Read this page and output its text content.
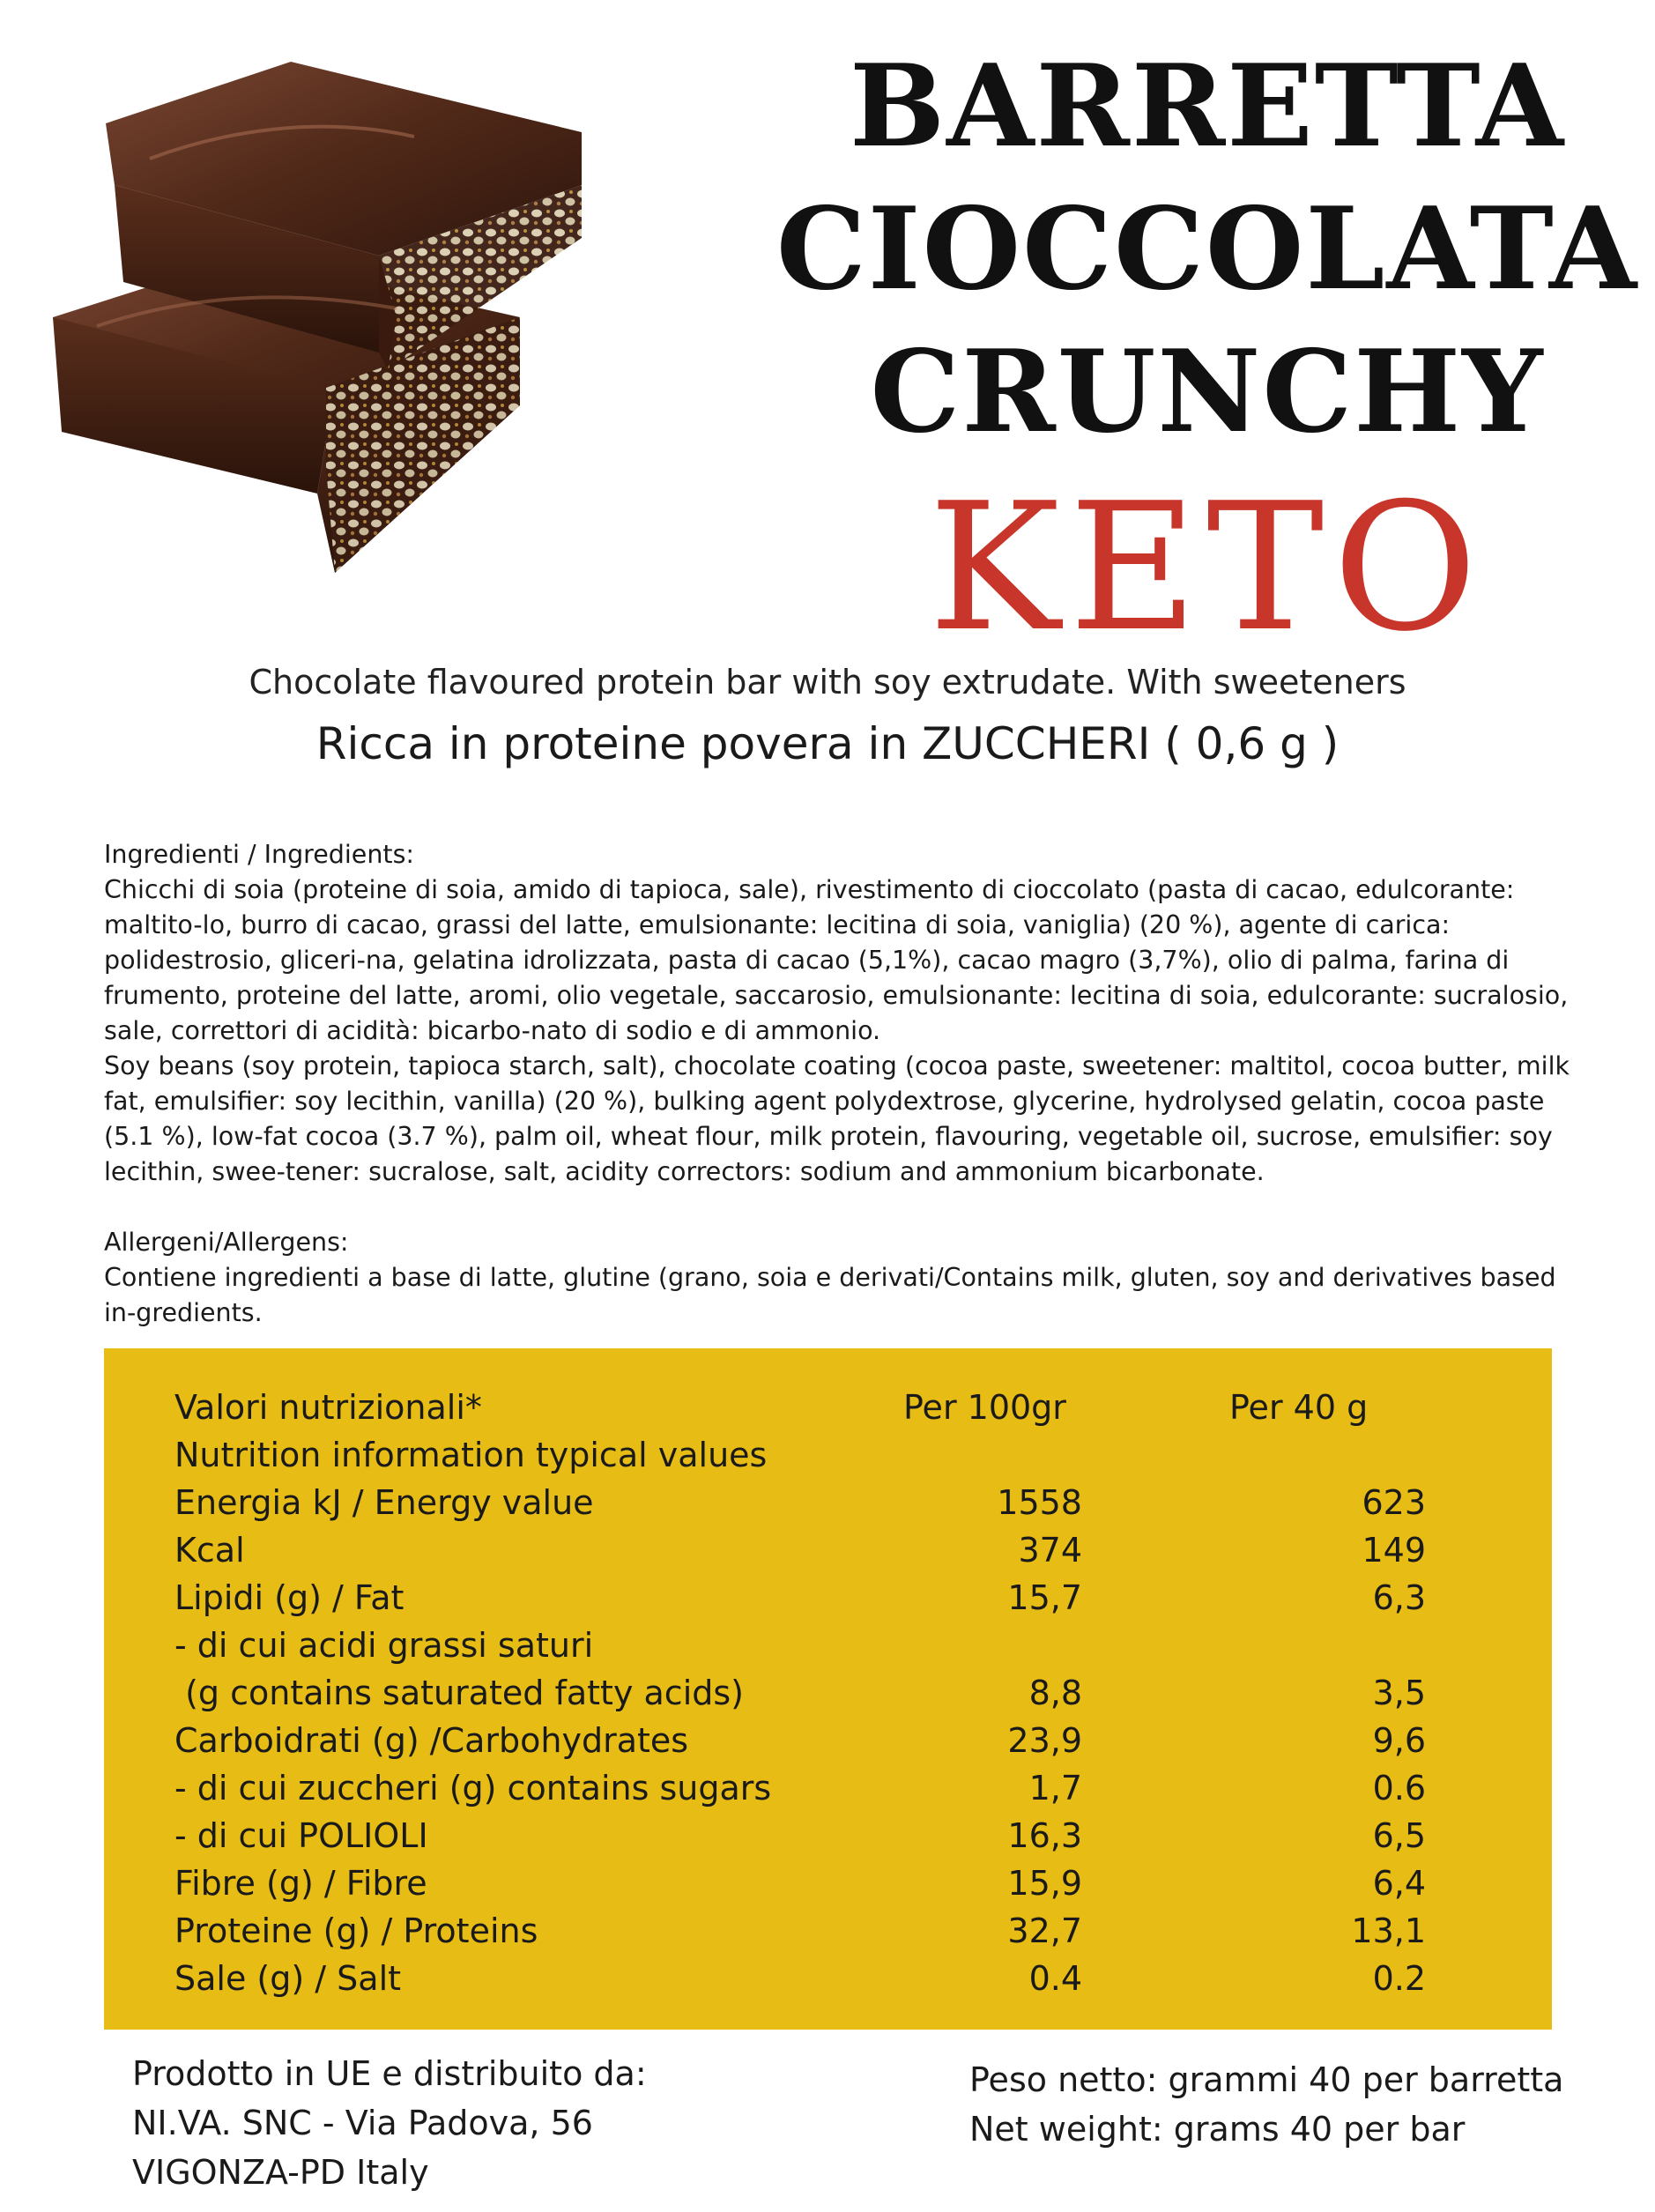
BARRETTA
CIOCCOLATA
CRUNCHY
KETO
Chocolate flavoured protein bar with soy extrudate. With sweeteners
Ricca in proteine povera in ZUCCHERI ( 0,6 g )

Ingredienti / Ingredients:

Chicchi di soia (proteine di soia, amido di tapioca, sale), rivestimento di cioccolato (pasta di cacao, edulcorante: maltito-lo, burro di cacao, grassi del latte, emulsionante: lecitina di soia, vaniglia) (20 %), agente di carica: polidestrosio, gliceri-na, gelatina idrolizzata, pasta di cacao (5,1%), cacao magro (3,7%), olio di palma, farina di frumento, proteine del latte, aromi, olio vegetale, saccarosio, emulsionante: lecitina di soia, edulcorante: sucralosio, sale, correttori di acidità: bicarbo-nato di sodio e di ammonio.

Soy beans (soy protein, tapioca starch, salt), chocolate coating (cocoa paste, sweetener: maltitol, cocoa butter, milk fat, emulsifier: soy lecithin, vanilla) (20 %), bulking agent polydextrose, glycerine, hydrolysed gelatin, cocoa paste (5.1 %), low-fat cocoa (3.7 %), palm oil, wheat flour, milk protein, flavouring, vegetable oil, sucrose, emulsifier: soy lecithin, swee-tener: sucralose, salt, acidity correctors: sodium and ammonium bicarbonate.

Allergeni/Allergens:

Contiene ingredienti a base di latte, glutine (grano, soia e derivati/Contains milk, gluten, soy and derivatives based in-gredients.

Valori nutrizionali*	Per 100gr	Per 40 g
Nutrition information typical values
Energia kJ / Energy value	1558	623
Kcal	374	149
Lipidi (g) / Fat	15,7	6,3
- di cui acidi grassi saturi
(g contains saturated fatty acids)	8,8	3,5
Carboidrati (g) /Carbohydrates	23,9	9,6
- di cui zuccheri (g) contains sugars	1,7	0.6
- di cui POLIOLI	16,3	6,5
Fibre (g) / Fibre	15,9	6,4
Proteine (g) / Proteins	32,7	13,1
Sale (g) / Salt	0.4	0.2
Prodotto in UE e distribuito da:
NI.VA. SNC - Via Padova, 56
VIGONZA-PD Italy
Peso netto: grammi 40 per barretta
Net weight: grams 40 per bar
